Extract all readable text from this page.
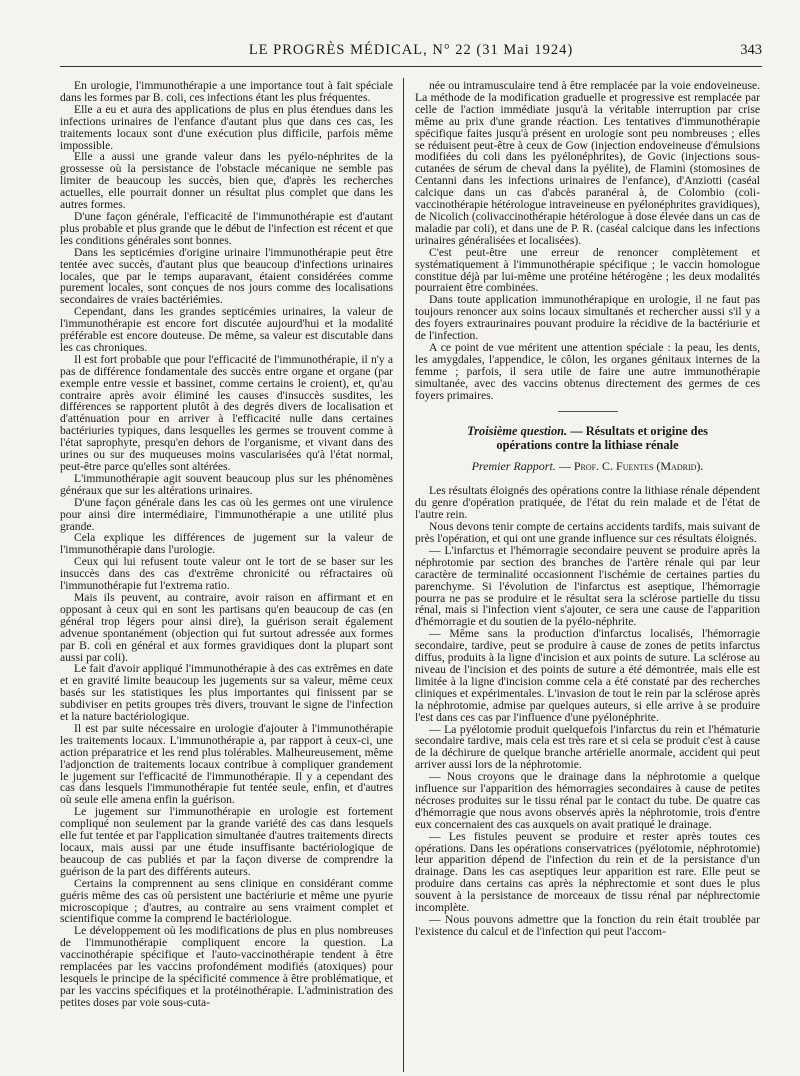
LE PROGRÈS MÉDICAL, N° 22 (31 Mai 1924)	343

En urologie, l'immunothérapie a une importance tout à fait spéciale dans les formes par B. coli, ces infections étant les plus fréquentes.

Elle a eu et aura des applications de plus en plus étendues dans les infections urinaires de l'enfance d'autant plus que dans ces cas, les traitements locaux sont d'une exécution plus difficile, parfois même impossible.

Elle a aussi une grande valeur dans les pyélo-néphrites de la grossesse où la persistance de l'obstacle mécanique ne semble pas limiter de beaucoup les succès, bien que, d'après les recherches actuelles, elle pourrait donner un résultat plus complet que dans les autres formes.

D'une façon générale, l'efficacité de l'immunothérapie est d'autant plus probable et plus grande que le début de l'infection est récent et que les conditions générales sont bonnes.

Dans les septicémies d'origine urinaire l'immunothérapie peut être tentée avec succès, d'autant plus que beaucoup d'infections urinaires locales, que par le temps auparavant, étaient considérées comme purement locales, sont conçues de nos jours comme des localisations secondaires de vraies bactériémies.

Cependant, dans les grandes septicémies urinaires, la valeur de l'immunothérapie est encore fort discutée aujourd'hui et la modalité préférable est encore douteuse. De même, sa valeur est discutable dans les cas chroniques.

Il est fort probable que pour l'efficacité de l'immunothérapie, il n'y a pas de différence fondamentale des succès entre organe et organe (par exemple entre vessie et bassinet, comme certains le croient), et, qu'au contraire après avoir éliminé les causes d'insuccès susdites, les différences se rapportent plutôt à des degrés divers de localisation et d'atténuation pour en arriver à l'efficacité nulle dans certaines bactériuries typiques, dans lesquelles les germes se trouvent comme à l'état saprophyte, presqu'en dehors de l'organisme, et vivant dans des urines ou sur des muqueuses moins vascularisées qu'à l'état normal, peut-être parce qu'elles sont altérées.

L'immunothérapie agit souvent beaucoup plus sur les phénomènes généraux que sur les altérations urinaires.

D'une façon générale dans les cas où les germes ont une virulence pour ainsi dire intermédiaire, l'immunothérapie a une utilité plus grande.

Cela explique les différences de jugement sur la valeur de l'immunothérapie dans l'urologie.

Ceux qui lui refusent toute valeur ont le tort de se baser sur les insuccès dans des cas d'extrême chronicité ou réfractaires où l'immunothérapie fut l'extrema ratio.

Mais ils peuvent, au contraire, avoir raison en affirmant et en opposant à ceux qui en sont les partisans qu'en beaucoup de cas (en général trop légers pour ainsi dire), la guérison serait également advenue spontanément (objection qui fut surtout adressée aux formes par B. coli en général et aux formes gravidiques dont la plupart sont aussi par coli).

Le fait d'avoir appliqué l'immunothérapie à des cas extrêmes en date et en gravité limite beaucoup les jugements sur sa valeur, même ceux basés sur les statistiques les plus importantes qui finissent par se subdiviser en petits groupes très divers, trouvant le signe de l'infection et la nature bactériologique.

Il est par suite nécessaire en urologie d'ajouter à l'immunothérapie les traitements locaux. L'immunothérapie a, par rapport à ceux-ci, une action préparatrice et les rend plus tolérables. Malheureusement, même l'adjonction de traitements locaux contribue à compliquer grandement le jugement sur l'efficacité de l'immunothérapie. Il y a cependant des cas dans lesquels l'immunothérapie fut tentée seule, enfin, et d'autres où seule elle amena enfin la guérison.

Le jugement sur l'immunothérapie en urologie est fortement compliqué non seulement par la grande variété des cas dans lesquels elle fut tentée et par l'application simultanée d'autres traitements directs locaux, mais aussi par une étude insuffisante bactériologique de beaucoup de cas publiés et par la façon diverse de comprendre la guérison de la part des différents auteurs.

Certains la comprennent au sens clinique en considérant comme guéris même des cas où persistent une bactériurie et même une pyurie microscopique ; d'autres, au contraire au sens vraiment complet et scientifique comme la comprend le bactériologue.

Le développement où les modifications de plus en plus nombreuses de l'immunothérapie compliquent encore la question. La vaccinothérapie spécifique et l'auto-vaccinothérapie tendent à être remplacées par les vaccins profondément modifiés (atoxiques) pour lesquels le principe de la spécificité commence à être problématique, et par les vaccins spécifiques et la protéinothérapie. L'administration des petites doses par voie sous-cuta-

née ou intramusculaire tend à être remplacée par la voie endoveineuse. La méthode de la modification graduelle et progressive est remplacée par celle de l'action immédiate jusqu'à la véritable interruption par crise même au prix d'une grande réaction. Les tentatives d'immunothérapie spécifique faites jusqu'à présent en urologie sont peu nombreuses ; elles se réduisent peut-être à ceux de Gow (injection endoveineuse d'émulsions modifiées du coli dans les pyélonéphrites), de Govic (injections sous-cutanées de sérum de cheval dans la pyélite), de Flamini (stomosines de Centanni dans les infections urinaires de l'enfance), d'Anziotti (caséal calcique dans un cas d'abcès paranéral à, de Colombio (coli-vaccinothérapie hétérologue intraveineuse en pyélonéphrites gravidiques), de Nicolich (colivaccinothérapie hétérologue à dose élevée dans un cas de maladie par coli), et dans une de P. R. (caséal calcique dans les infections urinaires généralisées et localisées).

C'est peut-être une erreur de renoncer complètement et systématiquement à l'immunothérapie spécifique ; le vaccin homologue constitue déjà par lui-même une protéine hétérogène ; les deux modalités pourraient être combinées.

Dans toute application immunothérapique en urologie, il ne faut pas toujours renoncer aux soins locaux simultanés et rechercher aussi s'il y a des foyers extraurinaires pouvant produire la récidive de la bactériurie et de l'infection.

A ce point de vue méritent une attention spéciale : la peau, les dents, les amygdales, l'appendice, le côlon, les organes génitaux internes de la femme ; parfois, il sera utile de faire une autre immunothérapie simultanée, avec des vaccins obtenus directement des germes de ces foyers primaires.

Troisième question. — Résultats et origine des
opérations contre la lithiase rénale
Premier Rapport. — Prof. C. Fuentes (Madrid).

Les résultats éloignés des opérations contre la lithiase rénale dépendent du genre d'opération pratiquée, de l'état du rein malade et de l'état de l'autre rein.

Nous devons tenir compte de certains accidents tardifs, mais suivant de près l'opération, et qui ont une grande influence sur ces résultats éloignés.

— L'infarctus et l'hémorragie secondaire peuvent se produire après la néphrotomie par section des branches de l'artère rénale qui par leur caractère de terminalité occasionnent l'ischémie de certaines parties du parenchyme. Si l'évolution de l'infarctus est aseptique, l'hémorragie pourra ne pas se produire et le résultat sera la sclérose partielle du tissu rénal, mais si l'infection vient s'ajouter, ce sera une cause de l'apparition d'hémorragie et du soutien de la pyélo-néphrite.

— Même sans la production d'infarctus localisés, l'hémorragie secondaire, tardive, peut se produire à cause de zones de petits infarctus diffus, produits à la ligne d'incision et aux points de suture. La sclérose au niveau de l'incision et des points de suture a été démontrée, mais elle est limitée à la ligne d'incision comme cela a été constaté par des recherches cliniques et expérimentales. L'invasion de tout le rein par la sclérose après la néphrotomie, admise par quelques auteurs, si elle arrive à se produire l'est dans ces cas par l'influence d'une pyélonéphrite.

— La pyélotomie produit quelquefois l'infarctus du rein et l'hématurie secondaire tardive, mais cela est très rare et si cela se produit c'est à cause de la déchirure de quelque branche artérielle anormale, accident qui peut arriver aussi lors de la néphrotomie.

— Nous croyons que le drainage dans la néphrotomie a quelque influence sur l'apparition des hémorragies secondaires à cause de petites nécroses produites sur le tissu rénal par le contact du tube. De quatre cas d'hémorragie que nous avons observés après la néphrotomie, trois d'entre eux concernaient des cas auxquels on avait pratiqué le drainage.

— Les fistules peuvent se produire et rester après toutes ces opérations. Dans les opérations conservatrices (pyélotomie, néphrotomie) leur apparition dépend de l'infection du rein et de la persistance d'un drainage. Dans les cas aseptiques leur apparition est rare. Elle peut se produire dans certains cas après la néphrectomie et sont dues le plus souvent à la persistance de morceaux de tissu rénal par néphrectomie incomplète.

— Nous pouvons admettre que la fonction du rein était troublée par l'existence du calcul et de l'infection qui peut l'accom-
